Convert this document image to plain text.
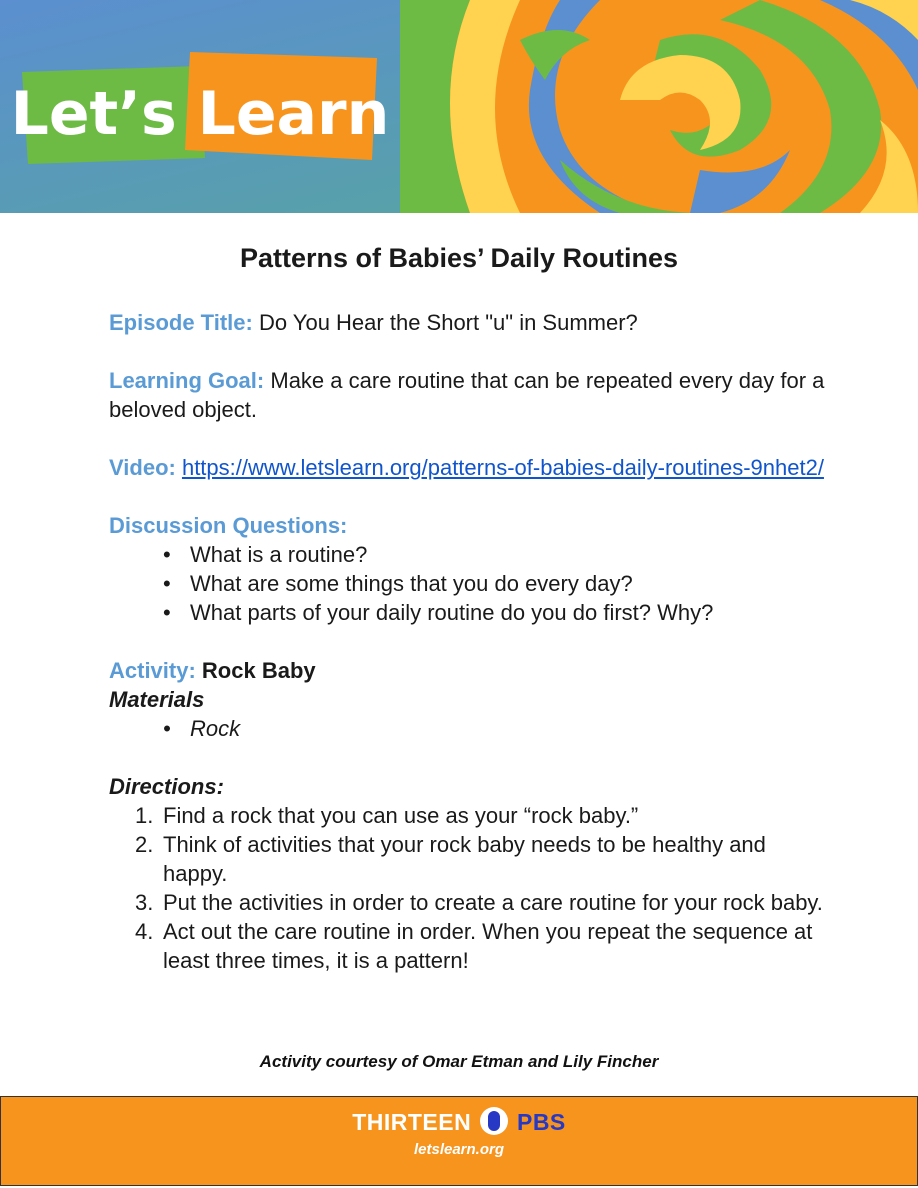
Let’s Learn
Patterns of Babies’ Daily Routines

Episode Title: Do You Hear the Short "u" in Summer?

Learning Goal: Make a care routine that can be repeated every day for a beloved object.

Video: https://www.letslearn.org/patterns-of-babies-daily-routines-9nhet2/

Discussion Questions:

• What is a routine?
• What are some things that you do every day?
• What parts of your daily routine do you do first? Why?

Activity: Rock Baby

Materials

• Rock

Directions:

1. Find a rock that you can use as your “rock baby.”
2. Think of activities that your rock baby needs to be healthy and happy.
3. Put the activities in order to create a care routine for your rock baby.
4. Act out the care routine in order. When you repeat the sequence at least three times, it is a pattern!
Activity courtesy of Omar Etman and Lily Fincher
THIRTEEN PBS
letslearn.org
